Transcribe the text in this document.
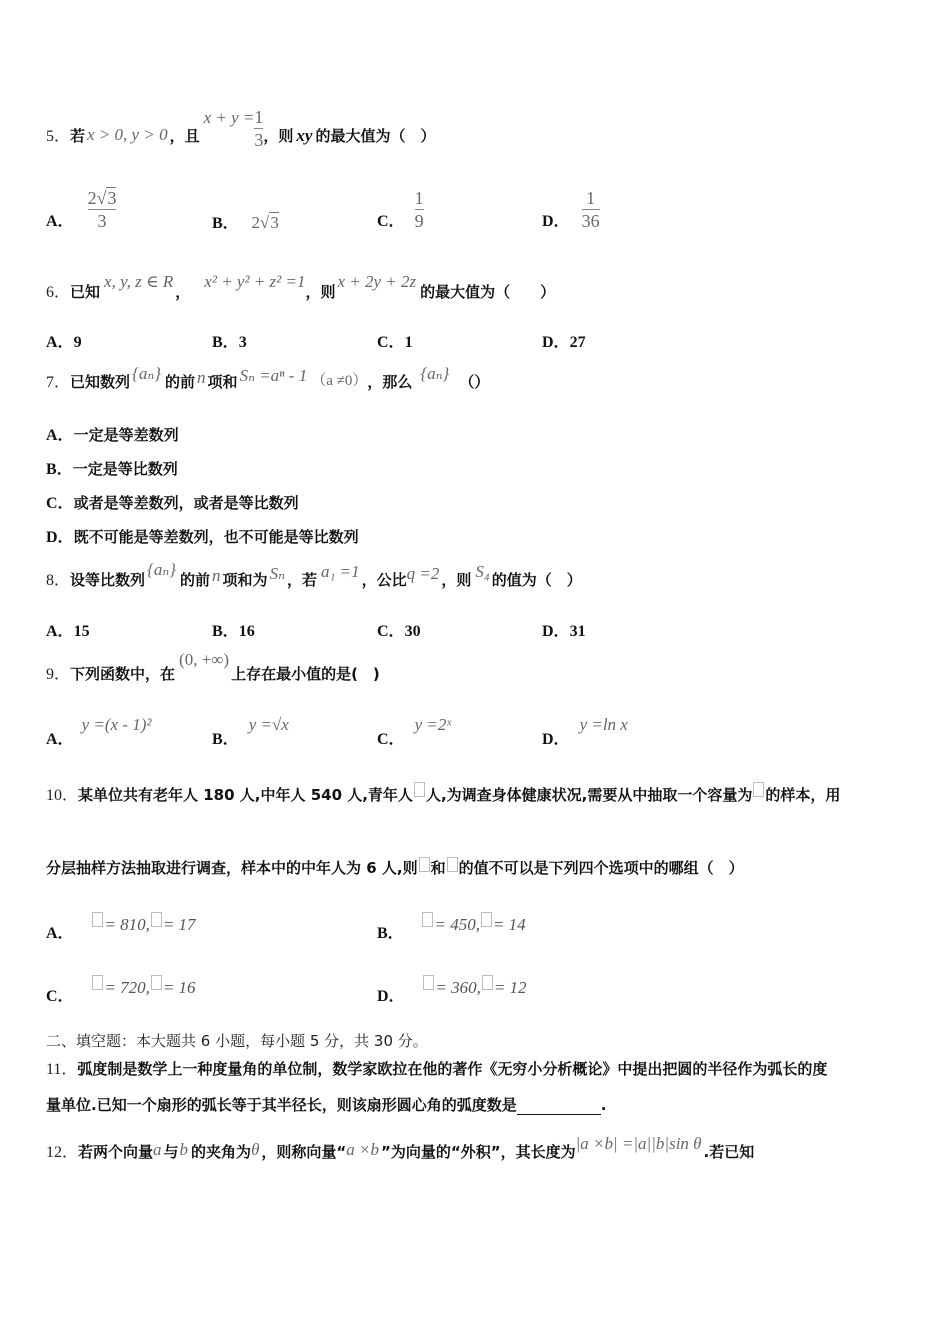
5． 若 x > 0, y > 0 ，且
$x + y = \frac{1}{3}$ ，则 xy 的最大值为（　）
A． $\frac{2√3}{3}$	B． 2√3	C． $\frac{1}{9}$	D． $\frac{1}{36}$
6． 已知
x, y, z ∈ R
，
x² + y² + z² =1
，则
x + 2y + 2z
的最大值为（　　）
A．9	B．3	C．1	D．27
7． 已知数列 {aₙ} 的前 n 项和 Sₙ =aⁿ - 1 （a ≠0） ，那么 {aₙ} （）
A．一定是等差数列
B．一定是等比数列
C．或者是等差数列，或者是等比数列
D．既不可能是等差数列，也不可能是等比数列
8． 设等比数列
{aₙ}
的前 n 项和为 Sₙ ，若 a₁ =1 ，公比 q =2 ，则 S₄ 的值为（　）
A．15	B．16	C．30	D．31
9． 下列函数中，在
(0, +∞)
上存在最小值的是(　)
A．y =(x - 1)²
B．y =√x
C．y =2ˣ
D．y =ln x
10．某单位共有老年人 180 人,中年人 540 人,青年人 人,为调查身体健康状况,需要从中抽取一个容量为 的样本，用
分层抽样方法抽取进行调查，样本中的中年人为 6 人,则 和 的值不可以是下列四个选项中的哪组（　）
A． = 810, = 17	B． = 450, = 14
C． = 720, = 16	D． = 360, = 12
二、填空题：本大题共 6 小题，每小题 5 分，共 30 分。
11．弧度制是数学上一种度量角的单位制，数学家欧拉在他的著作《无穷小分析概论》中提出把圆的半径作为弧长的度
量单位.已知一个扇形的弧长等于其半径长，则该扇形圆心角的弧度数是	.
12． 若两个向量 a 与 b 的夹角为 θ ，则称向量“ a ×b ”为向量的“外积”，其长度为 |a ×b| =|a||b|sin θ .若已知
